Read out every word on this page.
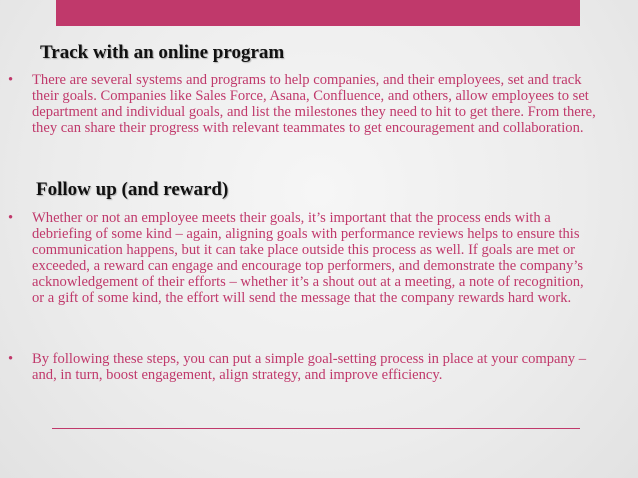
Track with an online program
•	There are several systems and programs to help companies, and their employees, set and track their goals. Companies like Sales Force, Asana, Confluence, and others, allow employees to set department and individual goals, and list the milestones they need to hit to get there. From there, they can share their progress with relevant teammates to get encouragement and collaboration.
Follow up (and reward)
•	Whether or not an employee meets their goals, it’s important that the process ends with a debriefing of some kind – again, aligning goals with performance reviews helps to ensure this communication happens, but it can take place outside this process as well. If goals are met or exceeded, a reward can engage and encourage top performers, and demonstrate the company’s acknowledgement of their efforts – whether it’s a shout out at a meeting, a note of recognition, or a gift of some kind, the effort will send the message that the company rewards hard work.
•	By following these steps, you can put a simple goal-setting process in place at your company – and, in turn, boost engagement, align strategy, and improve efficiency.
